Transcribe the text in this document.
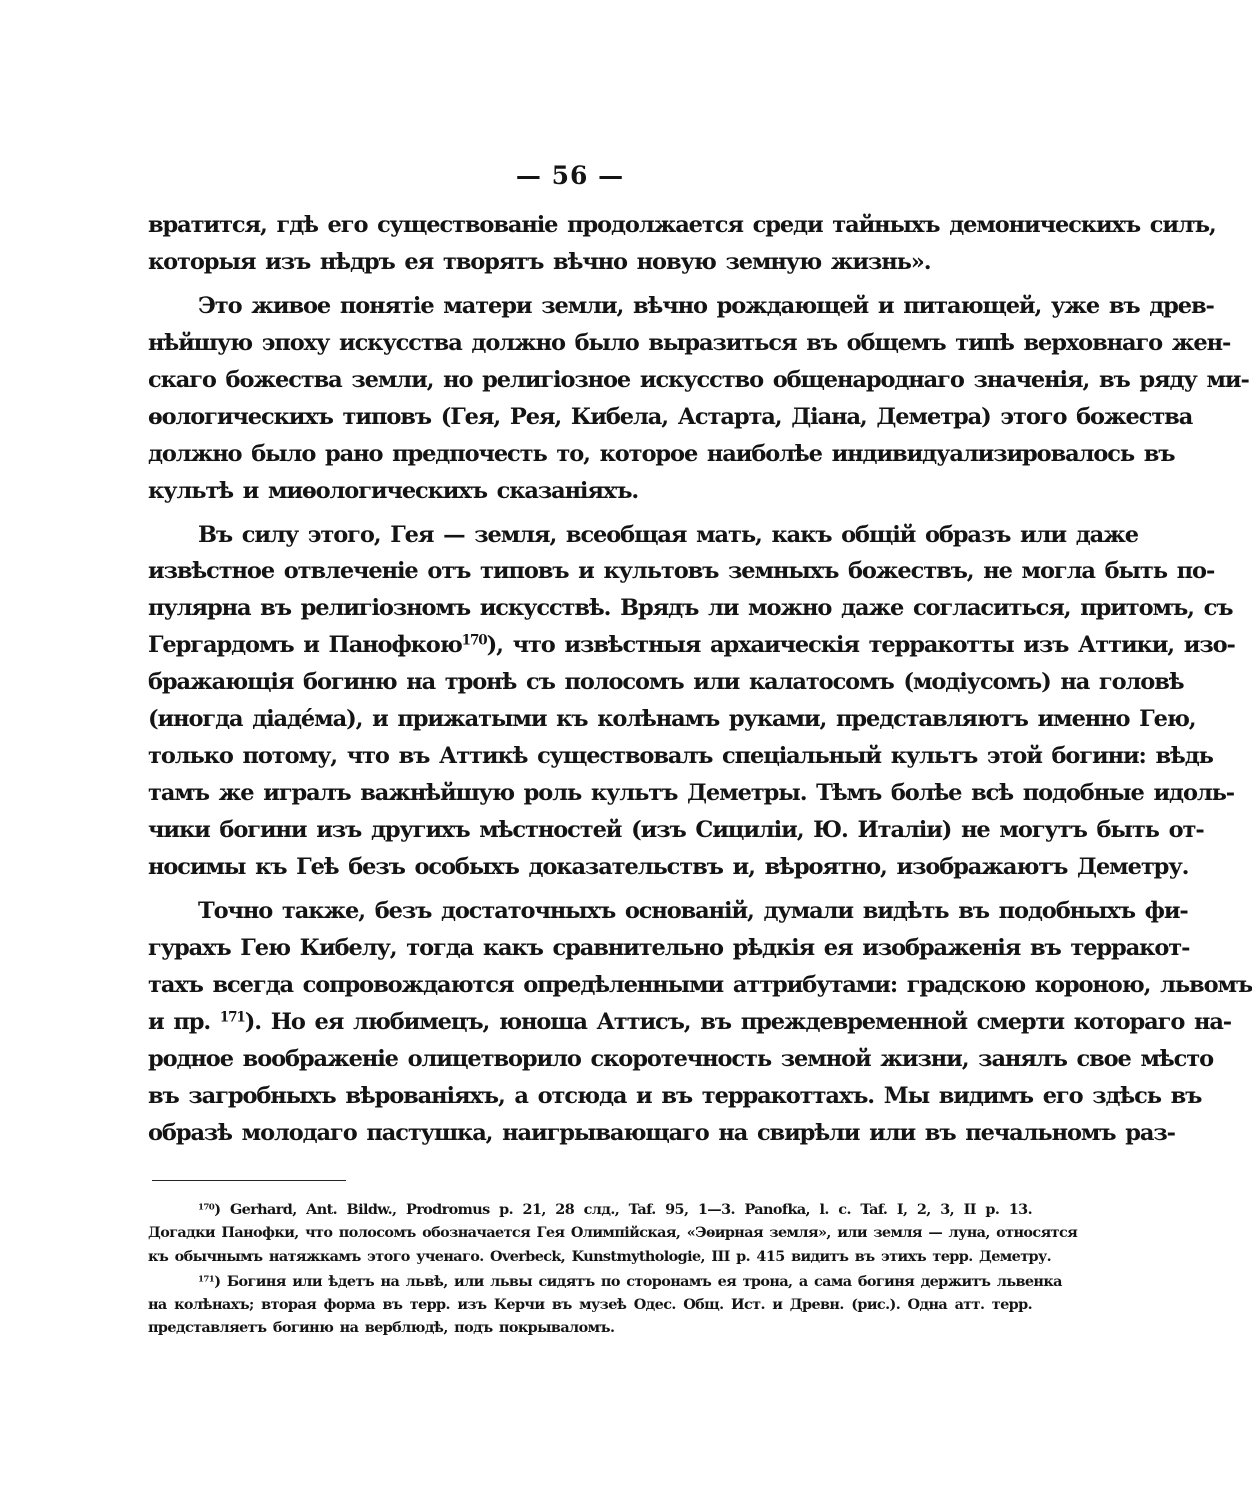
— 56 —
вратится, гдѣ его существованіе продолжается среди тайныхъ демоническихъ силъ,
которыя изъ нѣдръ ея творятъ вѣчно новую земную жизнь».
Это живое понятіе матери земли, вѣчно рождающей и питающей, уже въ древ-
нѣйшую эпоху искусства должно было выразиться въ общемъ типѣ верховнаго жен-
скаго божества земли, но религіозное искусство общенароднаго значенія, въ ряду ми-
ѳологическихъ типовъ (Гея, Рея, Кибела, Астарта, Діана, Деметра) этого божества
должно было рано предпочесть то, которое наиболѣе индивидуализировалось въ
культѣ и миѳологическихъ сказаніяхъ.
Въ силу этого, Гея — земля, всеобщая мать, какъ общій образъ или даже
извѣстное отвлеченіе отъ типовъ и культовъ земныхъ божествъ, не могла быть по-
пулярна въ религіозномъ искусствѣ. Врядъ ли можно даже согласиться, притомъ, съ
Гергардомъ и Панофкою$^{170}$), что извѣстныя архаическія терракотты изъ Аттики, изо-
бражающія богиню на тронѣ съ полосомъ или калатосомъ (модіусомъ) на головѣ
(иногда діадéма), и прижатыми къ колѣнамъ руками, представляютъ именно Гею,
только потому, что въ Аттикѣ существовалъ спеціальный культъ этой богини: вѣдь
тамъ же игралъ важнѣйшую роль культъ Деметры. Тѣмъ болѣе всѣ подобные идоль-
чики богини изъ другихъ мѣстностей (изъ Сициліи, Ю. Италіи) не могутъ быть от-
носимы къ Геѣ безъ особыхъ доказательствъ и, вѣроятно, изображаютъ Деметру.
Точно также, безъ достаточныхъ основаній, думали видѣть въ подобныхъ фи-
гурахъ Гею Кибелу, тогда какъ сравнительно рѣдкія ея изображенія въ терракот-
тахъ всегда сопровождаются опредѣленными аттрибутами: градскою короною, львомъ
и пр. $^{171}$). Но ея любимецъ, юноша Аттисъ, въ преждевременной смерти котораго на-
родное воображеніе олицетворило скоротечность земной жизни, занялъ свое мѣсто
въ загробныхъ вѣрованіяхъ, а отсюда и въ терракоттахъ. Мы видимъ его здѣсь въ
образѣ молодаго пастушка, наигрывающаго на свирѣли или въ печальномъ раз-
$^{170}$) Gerhard, Ant. Bildw., Prodromus p. 21, 28 слд., Taf. 95, 1—3. Panofka, l. c. Taf. I, 2, 3, II p. 13.
Догадки Панофки, что полосомъ обозначается Гея Олимпійская, «Эѳирная земля», или земля — луна, относятся
къ обычнымъ натяжкамъ этого ученаго. Overbeck, Kunstmythologie, III p. 415 видитъ въ этихъ терр. Деметру.
$^{171}$) Богиня или ѣдетъ на львѣ, или львы сидятъ по сторонамъ ея трона, а сама богиня держитъ львенка
на колѣнахъ; вторая форма въ терр. изъ Керчи въ музеѣ Одес. Общ. Ист. и Древн. (рис.). Одна атт. терр.
представляетъ богиню на верблюдѣ, подъ покрываломъ.
